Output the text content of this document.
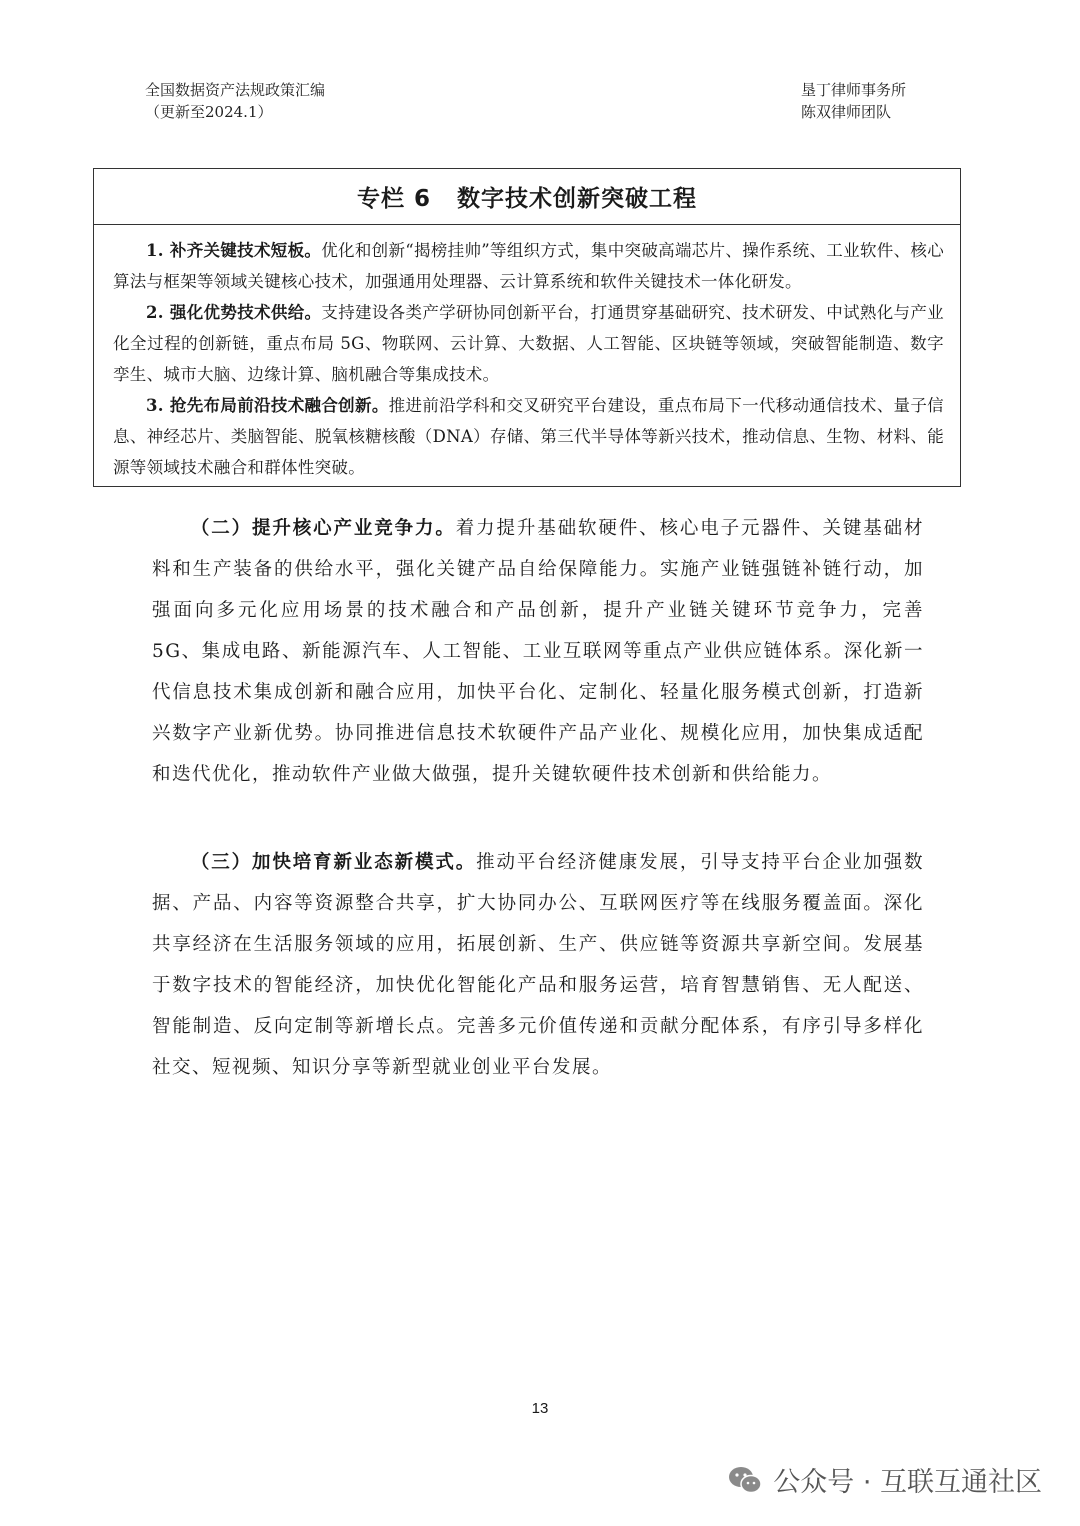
全国数据资产法规政策汇编
（更新至2024.1）
垦丁律师事务所
陈双律师团队
专栏 6 数字技术创新突破工程

1. 补齐关键技术短板。优化和创新“揭榜挂帅”等组织方式，集中突破高端芯片、操作系统、工业软件、核心算法与框架等领域关键核心技术，加强通用处理器、云计算系统和软件关键技术一体化研发。

2. 强化优势技术供给。支持建设各类产学研协同创新平台，打通贯穿基础研究、技术研发、中试熟化与产业化全过程的创新链，重点布局 5G、物联网、云计算、大数据、人工智能、区块链等领域，突破智能制造、数字孪生、城市大脑、边缘计算、脑机融合等集成技术。

3. 抢先布局前沿技术融合创新。推进前沿学科和交叉研究平台建设，重点布局下一代移动通信技术、量子信息、神经芯片、类脑智能、脱氧核糖核酸（DNA）存储、第三代半导体等新兴技术，推动信息、生物、材料、能源等领域技术融合和群体性突破。

（二）提升核心产业竞争力。着力提升基础软硬件、核心电子元器件、关键基础材料和生产装备的供给水平，强化关键产品自给保障能力。实施产业链强链补链行动，加强面向多元化应用场景的技术融合和产品创新，提升产业链关键环节竞争力，完善 5G、集成电路、新能源汽车、人工智能、工业互联网等重点产业供应链体系。深化新一代信息技术集成创新和融合应用，加快平台化、定制化、轻量化服务模式创新，打造新兴数字产业新优势。协同推进信息技术软硬件产品产业化、规模化应用，加快集成适配和迭代优化，推动软件产业做大做强，提升关键软硬件技术创新和供给能力。

（三）加快培育新业态新模式。推动平台经济健康发展，引导支持平台企业加强数据、产品、内容等资源整合共享，扩大协同办公、互联网医疗等在线服务覆盖面。深化共享经济在生活服务领域的应用，拓展创新、生产、供应链等资源共享新空间。发展基于数字技术的智能经济，加快优化智能化产品和服务运营，培育智慧销售、无人配送、智能制造、反向定制等新增长点。完善多元价值传递和贡献分配体系，有序引导多样化社交、短视频、知识分享等新型就业创业平台发展。

13
公众号 · 互联互通社区
